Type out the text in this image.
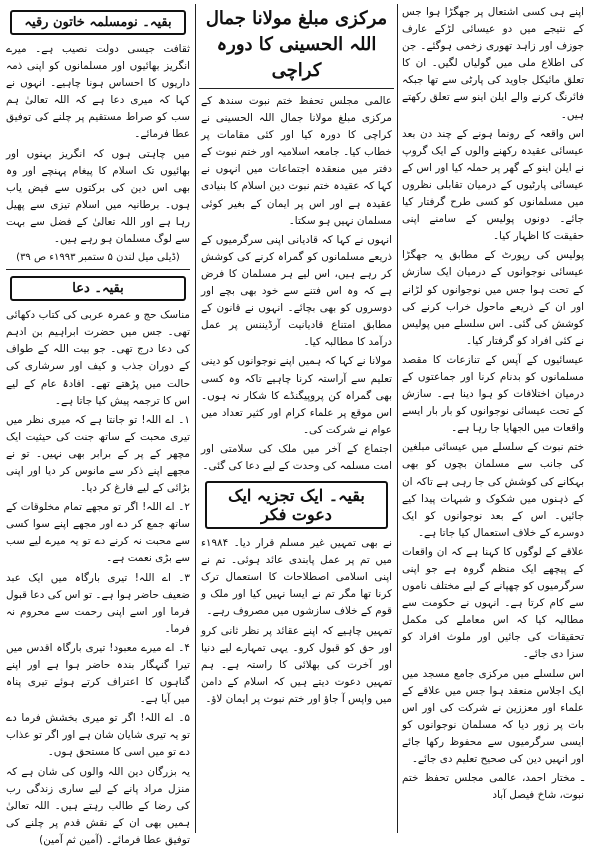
اپنے ہی کسی اشتعال پر جھگڑا ہوا جس کے نتیجے میں دو عیسائی لڑکے عارف جوزف اور زاہد تھوری زخمی ہوگئے۔ جن کی اطلاع ملی میں گولیاں لگیں۔ ان کا تعلق مائیکل جاوید کی پارٹی سے تھا جبکہ فائرنگ کرنے والے ایلن اینو سے تعلق رکھتے ہیں۔

اس واقعہ کے رونما ہونے کے چند دن بعد عیسائی عقیدہ رکھنے والوں کے ایک گروپ نے ایلن اینو کے گھر پر حملہ کیا اور اس کے عیسائی پارٹیوں کے درمیان تقابلی نظروں میں مسلمانوں کو کسی طرح گرفتار کیا جائے۔ دونوں پولیس کے سامنے اپنی حقیقت کا اظہار کیا۔

پولیس کی رپورٹ کے مطابق یہ جھگڑا عیسائی نوجوانوں کے درمیان ایک سازش کے تحت ہوا جس میں نوجوانوں کو لڑانے اور ان کے ذریعے ماحول خراب کرنے کی کوشش کی گئی۔ اس سلسلے میں پولیس نے کئی افراد کو گرفتار کیا۔

عیسائیوں کے آپس کے تنازعات کا مقصد مسلمانوں کو بدنام کرنا اور جماعتوں کے درمیان اختلافات کو ہوا دینا ہے۔ سازش کے تحت عیسائی نوجوانوں کو بار بار ایسے واقعات میں الجھایا جا رہا ہے۔

ختم نبوت کے سلسلے میں عیسائی مبلغین کی جانب سے مسلمان بچوں کو بھی بہکانے کی کوشش کی جا رہی ہے تاکہ ان کے ذہنوں میں شکوک و شبہات پیدا کیے جائیں۔ اس کے بعد نوجوانوں کو ایک دوسرے کے خلاف استعمال کیا جاتا ہے۔

علاقے کے لوگوں کا کہنا ہے کہ ان واقعات کے پیچھے ایک منظم گروہ ہے جو اپنی سرگرمیوں کو چھپانے کے لیے مختلف ناموں سے کام کرتا ہے۔ انہوں نے حکومت سے مطالبہ کیا کہ اس معاملے کی مکمل تحقیقات کی جائیں اور ملوث افراد کو سزا دی جائے۔

اس سلسلے میں مرکزی جامع مسجد میں ایک اجلاس منعقد ہوا جس میں علاقے کے علماء اور معززین نے شرکت کی اور اس بات پر زور دیا کہ مسلمان نوجوانوں کو ایسی سرگرمیوں سے محفوظ رکھا جائے اور انہیں دین کی صحیح تعلیم دی جائے۔

ـ مختار احمد، عالمی مجلس تحفظ ختم نبوت، شاخ فیصل آباد

مرکزی مبلغ مولانا جمال اللہ الحسینی کا دورہ کراچی

عالمی مجلس تحفظ ختم نبوت سندھ کے مرکزی مبلغ مولانا جمال اللہ الحسینی نے کراچی کا دورہ کیا اور کئی مقامات پر خطاب کیا۔ جامعہ اسلامیہ اور ختم نبوت کے دفتر میں منعقدہ اجتماعات میں انہوں نے کہا کہ عقیدہ ختم نبوت دین اسلام کا بنیادی عقیدہ ہے اور اس پر ایمان کے بغیر کوئی مسلمان نہیں ہو سکتا۔

انہوں نے کہا کہ قادیانی اپنی سرگرمیوں کے ذریعے مسلمانوں کو گمراہ کرنے کی کوشش کر رہے ہیں، اس لیے ہر مسلمان کا فرض ہے کہ وہ اس فتنے سے خود بھی بچے اور دوسروں کو بھی بچائے۔ انہوں نے قانون کے مطابق امتناع قادیانیت آرڈیننس پر عمل درآمد کا مطالبہ کیا۔

مولانا نے کہا کہ ہمیں اپنے نوجوانوں کو دینی تعلیم سے آراستہ کرنا چاہیے تاکہ وہ کسی بھی گمراہ کن پروپیگنڈے کا شکار نہ ہوں۔ اس موقع پر علماء کرام اور کثیر تعداد میں عوام نے شرکت کی۔

اجتماع کے آخر میں ملک کی سلامتی اور امت مسلمہ کی وحدت کے لیے دعا کی گئی۔

بقیہ۔ ایک تجزیہ ایک دعوت فکر

نے بھی تمہیں غیر مسلم قرار دیا۔ ۱۹۸۴ء میں تم پر عمل پابندی عائد ہوئی۔ تم نے اپنی اسلامی اصطلاحات کا استعمال ترک کرنا تھا مگر تم نے ایسا نہیں کیا اور ملک و قوم کے خلاف سازشوں میں مصروف رہے۔

تمہیں چاہیے کہ اپنے عقائد پر نظر ثانی کرو اور حق کو قبول کرو۔ یہی تمہارے لیے دنیا اور آخرت کی بھلائی کا راستہ ہے۔ ہم تمہیں دعوت دیتے ہیں کہ اسلام کے دامن میں واپس آ جاؤ اور ختم نبوت پر ایمان لاؤ۔

بقیہ۔ نومسلمہ خاتون رقیہ

ثقافت جیسی دولت نصیب ہے۔ میرے انگریز بھائیوں اور مسلمانوں کو اپنی ذمہ داریوں کا احساس ہونا چاہیے۔ انہوں نے کہا کہ میری دعا ہے کہ اللہ تعالیٰ ہم سب کو صراط مستقیم پر چلنے کی توفیق عطا فرمائے۔

میں چاہتی ہوں کہ انگریز بہنوں اور بھائیوں تک اسلام کا پیغام پہنچے اور وہ بھی اس دین کی برکتوں سے فیض یاب ہوں۔ برطانیہ میں اسلام تیزی سے پھیل رہا ہے اور اللہ تعالیٰ کے فضل سے بہت سے لوگ مسلمان ہو رہے ہیں۔

(ڈیلی میل لندن ۵ ستمبر ۱۹۹۳ء ص ۳۹)
بقیہ۔ دعا

مناسک حج و عمرہ عربی کی کتاب دکھائی تھی۔ جس میں حضرت ابراہیم بن ادہم کی دعا درج تھی۔ جو بیت اللہ کے طواف کے دوران جذب و کیف اور سرشاری کی حالت میں پڑھتے تھے۔ افادۂ عام کے لیے اس کا ترجمہ پیش کیا جاتا ہے۔

۱۔ اے اللہ! تو جانتا ہے کہ میری نظر میں تیری محبت کے ساتھ جنت کی حیثیت ایک مچھر کے پر کے برابر بھی نہیں۔ تو نے مجھے اپنے ذکر سے مانوس کر دیا اور اپنی بڑائی کے لیے فارغ کر دیا۔

۲۔ اے اللہ! اگر تو مجھے تمام مخلوقات کے ساتھ جمع کر دے اور مجھے اپنے سوا کسی سے محبت نہ کرنے دے تو یہ میرے لیے سب سے بڑی نعمت ہے۔

۳۔ اے اللہ! تیری بارگاہ میں ایک عبد ضعیف حاضر ہوا ہے۔ تو اس کی دعا قبول فرما اور اسے اپنی رحمت سے محروم نہ فرما۔

۴۔ اے میرے معبود! تیری بارگاہ اقدس میں تیرا گنہگار بندہ حاضر ہوا ہے اور اپنے گناہوں کا اعتراف کرتے ہوئے تیری پناہ میں آیا ہے۔

۵۔ اے اللہ! اگر تو میری بخشش فرما دے تو یہ تیری شایان شان ہے اور اگر تو عذاب دے تو میں اسی کا مستحق ہوں۔

یہ بزرگان دین اللہ والوں کی شان ہے کہ منزل مراد پانے کے لیے ساری زندگی رب کی رضا کے طالب رہتے ہیں۔ اللہ تعالیٰ ہمیں بھی ان کے نقش قدم پر چلنے کی توفیق عطا فرمائے۔ (آمین ثم آمین)
